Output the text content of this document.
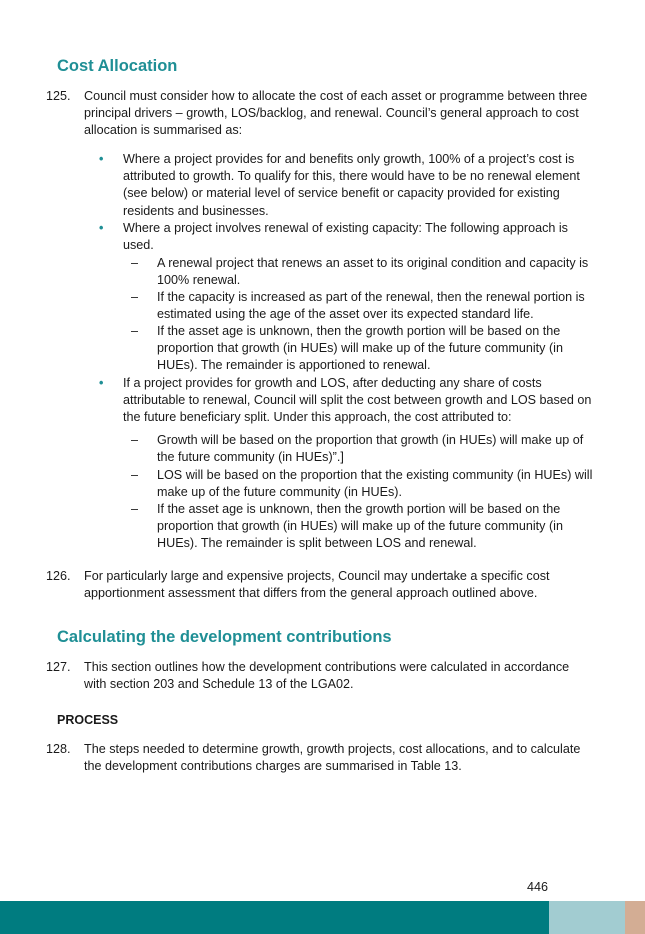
Cost Allocation
125. Council must consider how to allocate the cost of each asset or programme between three principal drivers – growth, LOS/backlog, and renewal. Council’s general approach to cost allocation is summarised as:
• Where a project provides for and benefits only growth, 100% of a project’s cost is attributed to growth. To qualify for this, there would have to be no renewal element (see below) or material level of service benefit or capacity provided for existing residents and businesses.
• Where a project involves renewal of existing capacity: The following approach is used.
– A renewal project that renews an asset to its original condition and capacity is 100% renewal.
– If the capacity is increased as part of the renewal, then the renewal portion is estimated using the age of the asset over its expected standard life.
– If the asset age is unknown, then the growth portion will be based on the proportion that growth (in HUEs) will make up of the future community (in HUEs). The remainder is apportioned to renewal.
• If a project provides for growth and LOS, after deducting any share of costs attributable to renewal, Council will split the cost between growth and LOS based on the future beneficiary split. Under this approach, the cost attributed to:
– Growth will be based on the proportion that growth (in HUEs) will make up of the future community (in HUEs)”.]
– LOS will be based on the proportion that the existing community (in HUEs) will make up of the future community (in HUEs).
– If the asset age is unknown, then the growth portion will be based on the proportion that growth (in HUEs) will make up of the future community (in HUEs). The remainder is split between LOS and renewal.
126. For particularly large and expensive projects, Council may undertake a specific cost apportionment assessment that differs from the general approach outlined above.
Calculating the development contributions
127. This section outlines how the development contributions were calculated in accordance with section 203 and Schedule 13 of the LGA02.
PROCESS
128. The steps needed to determine growth, growth projects, cost allocations, and to calculate the development contributions charges are summarised in Table 13.
446
